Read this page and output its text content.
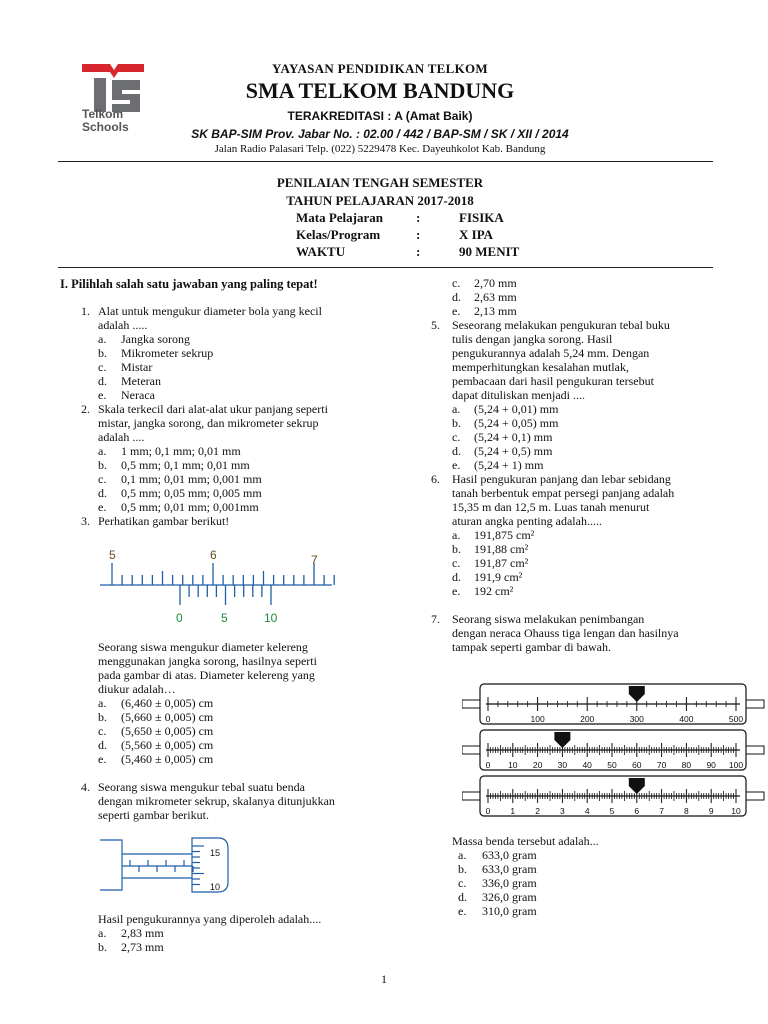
Telkom
Schools
YAYASAN PENDIDIKAN TELKOM
SMA TELKOM BANDUNG
TERAKREDITASI : A (Amat Baik)
SK BAP-SIM Prov. Jabar No. : 02.00 / 442 / BAP-SM / SK / XII / 2014
Jalan Radio Palasari Telp. (022) 5229478 Kec. Dayeuhkolot Kab. Bandung
PENILAIAN TENGAH SEMESTER
TAHUN PELAJARAN 2017-2018
Mata Pelajaran	:	FISIKA
Kelas/Program	:	X IPA
WAKTU	:	90 MENIT
I. Pilihlah salah satu jawaban yang paling tepat!
1. Alat untuk mengukur diameter bola yang kecil
adalah .....
a. Jangka sorong
b. Mikrometer sekrup
c. Mistar
d. Meteran
e. Neraca
2. Skala terkecil dari alat-alat ukur panjang seperti
mistar, jangka sorong, dan mikrometer sekrup
adalah ....
a. 1 mm; 0,1 mm; 0,01 mm
b. 0,5 mm; 0,1 mm; 0,01 mm
c. 0,1 mm; 0,01 mm; 0,001 mm
d. 0,5 mm; 0,05 mm; 0,005 mm
e. 0,5 mm; 0,01 mm; 0,001mm
3. Perhatikan gambar berikut!
5	6	7
0	5	10
Seorang siswa mengukur diameter kelereng
menggunakan jangka sorong, hasilnya seperti
pada gambar di atas. Diameter kelereng yang
diukur adalah…
a. (6,460 ± 0,005) cm
b. (5,660 ± 0,005) cm
c. (5,650 ± 0,005) cm
d. (5,560 ± 0,005) cm
e. (5,460 ± 0,005) cm
4. Seorang siswa mengukur tebal suatu benda
dengan mikrometer sekrup, skalanya ditunjukkan
seperti gambar berikut.
15
10
Hasil pengukurannya yang diperoleh adalah....
a. 2,83 mm
b. 2,73 mm
c. 2,70 mm
d. 2,63 mm
e. 2,13 mm
5. Seseorang melakukan pengukuran tebal buku
tulis dengan jangka sorong. Hasil
pengukurannya adalah 5,24 mm. Dengan
memperhitungkan kesalahan mutlak,
pembacaan dari hasil pengukuran tersebut
dapat dituliskan menjadi ....
a. (5,24 + 0,01) mm
b. (5,24 + 0,05) mm
c. (5,24 + 0,1) mm
d. (5,24 + 0,5) mm
e. (5,24 + 1) mm
6. Hasil pengukuran panjang dan lebar sebidang
tanah berbentuk empat persegi panjang adalah
15,35 m dan 12,5 m. Luas tanah menurut
aturan angka penting adalah.....
a. 191,875 cm²
b. 191,88 cm²
c. 191,87 cm²
d. 191,9 cm²
e. 192 cm²
7. Seorang siswa melakukan penimbangan
dengan neraca Ohauss tiga lengan dan hasilnya
tampak seperti gambar di bawah.
0	100	200	300	400	500
0 10 20 30 40 50 60 70 80 90 100
0 1 2 3 4 5 6 7 8 9 10
Massa benda tersebut adalah...
a. 633,0 gram
b. 633,0 gram
c. 336,0 gram
d. 326,0 gram
e. 310,0 gram
1
